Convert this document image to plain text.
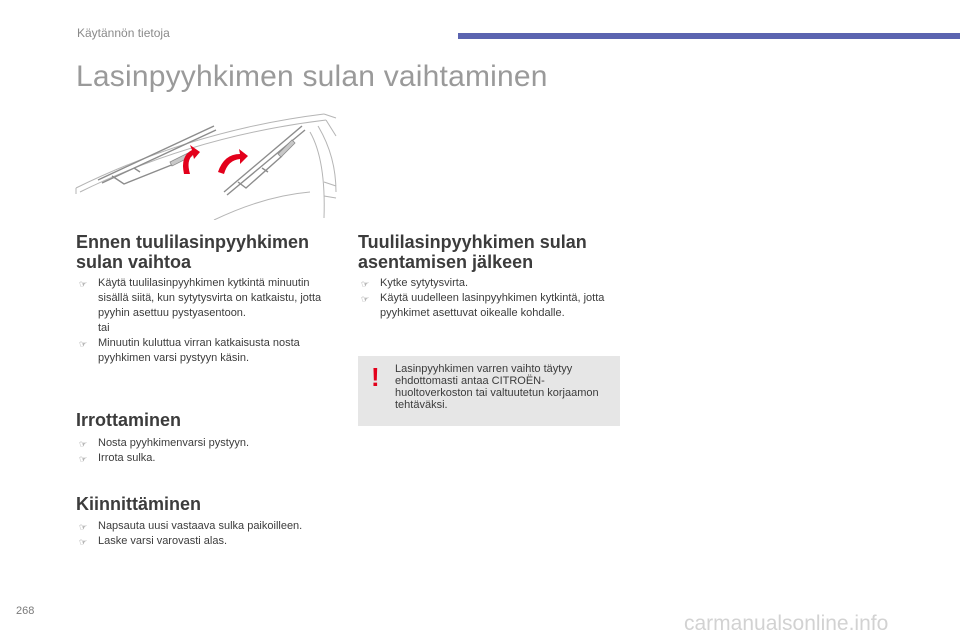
Käytännön tietoja
Lasinpyyhkimen sulan vaihtaminen
Ennen tuulilasinpyyhkimen
sulan vaihtoa
☞ Käytä tuulilasinpyyhkimen kytkintä minuutin sisällä siitä, kun sytytysvirta on katkaistu, jotta pyyhin asettuu pystyasentoon.
tai
☞ Minuutin kuluttua virran katkaisusta nosta pyyhkimen varsi pystyyn käsin.
Irrottaminen
☞ Nosta pyyhkimenvarsi pystyyn.
☞ Irrota sulka.
Kiinnittäminen
☞ Napsauta uusi vastaava sulka paikoilleen.
☞ Laske varsi varovasti alas.
Tuulilasinpyyhkimen sulan
asentamisen jälkeen
☞ Kytke sytytysvirta.
☞ Käytä uudelleen lasinpyyhkimen kytkintä, jotta pyyhkimet asettuvat oikealle kohdalle.
! Lasinpyyhkimen varren vaihto täytyy ehdottomasti antaa CITROËN-huoltoverkoston tai valtuutetun korjaamon tehtäväksi.
268
carmanualsonline.info
